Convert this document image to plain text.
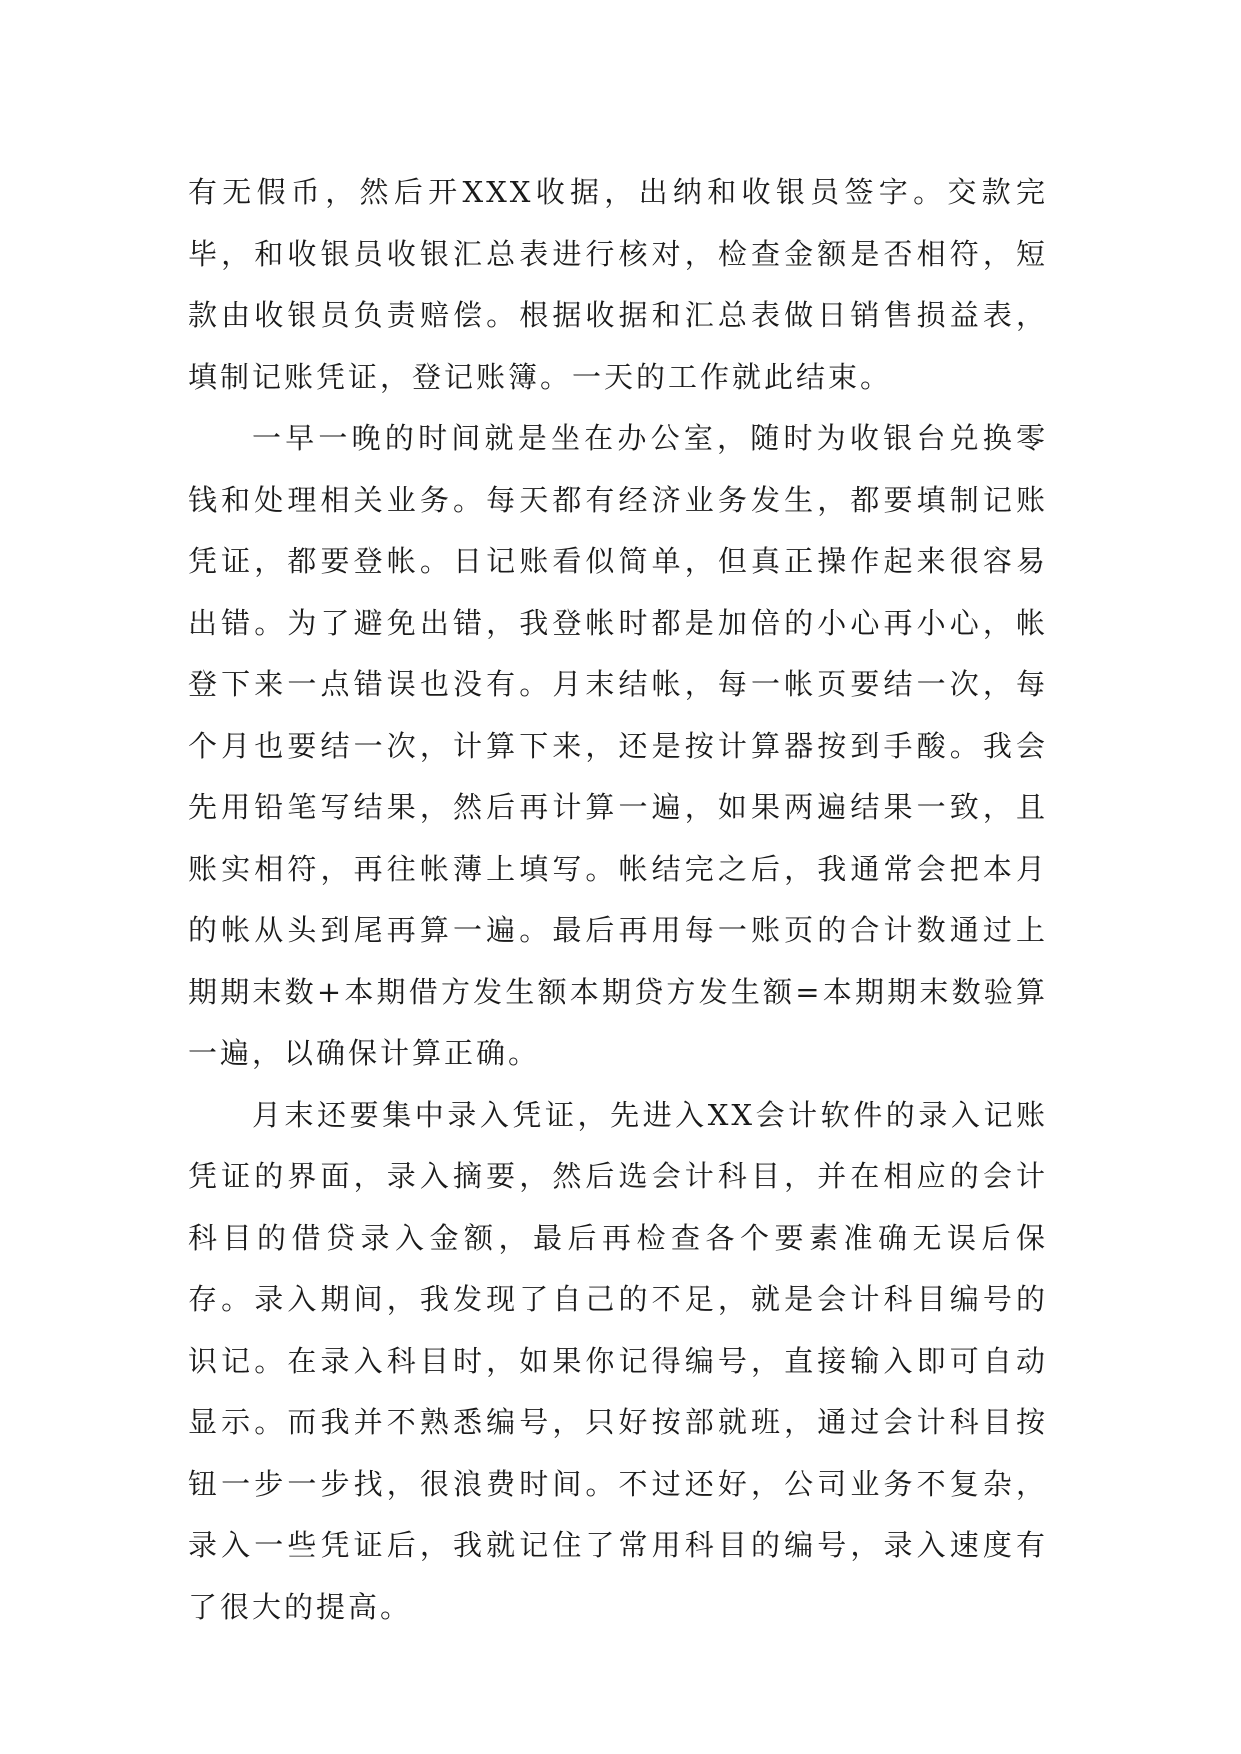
有无假币，然后开XXX收据，出纳和收银员签字。交款完毕，和收银员收银汇总表进行核对，检查金额是否相符，短款由收银员负责赔偿。根据收据和汇总表做日销售损益表，填制记账凭证，登记账簿。一天的工作就此结束。

一早一晚的时间就是坐在办公室，随时为收银台兑换零钱和处理相关业务。每天都有经济业务发生，都要填制记账凭证，都要登帐。日记账看似简单，但真正操作起来很容易出错。为了避免出错，我登帐时都是加倍的小心再小心，帐登下来一点错误也没有。月末结帐，每一帐页要结一次，每个月也要结一次，计算下来，还是按计算器按到手酸。我会先用铅笔写结果，然后再计算一遍，如果两遍结果一致，且账实相符，再往帐薄上填写。帐结完之后，我通常会把本月的帐从头到尾再算一遍。最后再用每一账页的合计数通过上期期末数+本期借方发生额本期贷方发生额=本期期末数验算一遍，以确保计算正确。

月末还要集中录入凭证，先进入XX会计软件的录入记账凭证的界面，录入摘要，然后选会计科目，并在相应的会计科目的借贷录入金额，最后再检查各个要素准确无误后保存。录入期间，我发现了自己的不足，就是会计科目编号的识记。在录入科目时，如果你记得编号，直接输入即可自动显示。而我并不熟悉编号，只好按部就班，通过会计科目按钮一步一步找，很浪费时间。不过还好，公司业务不复杂，录入一些凭证后，我就记住了常用科目的编号，录入速度有了很大的提高。
